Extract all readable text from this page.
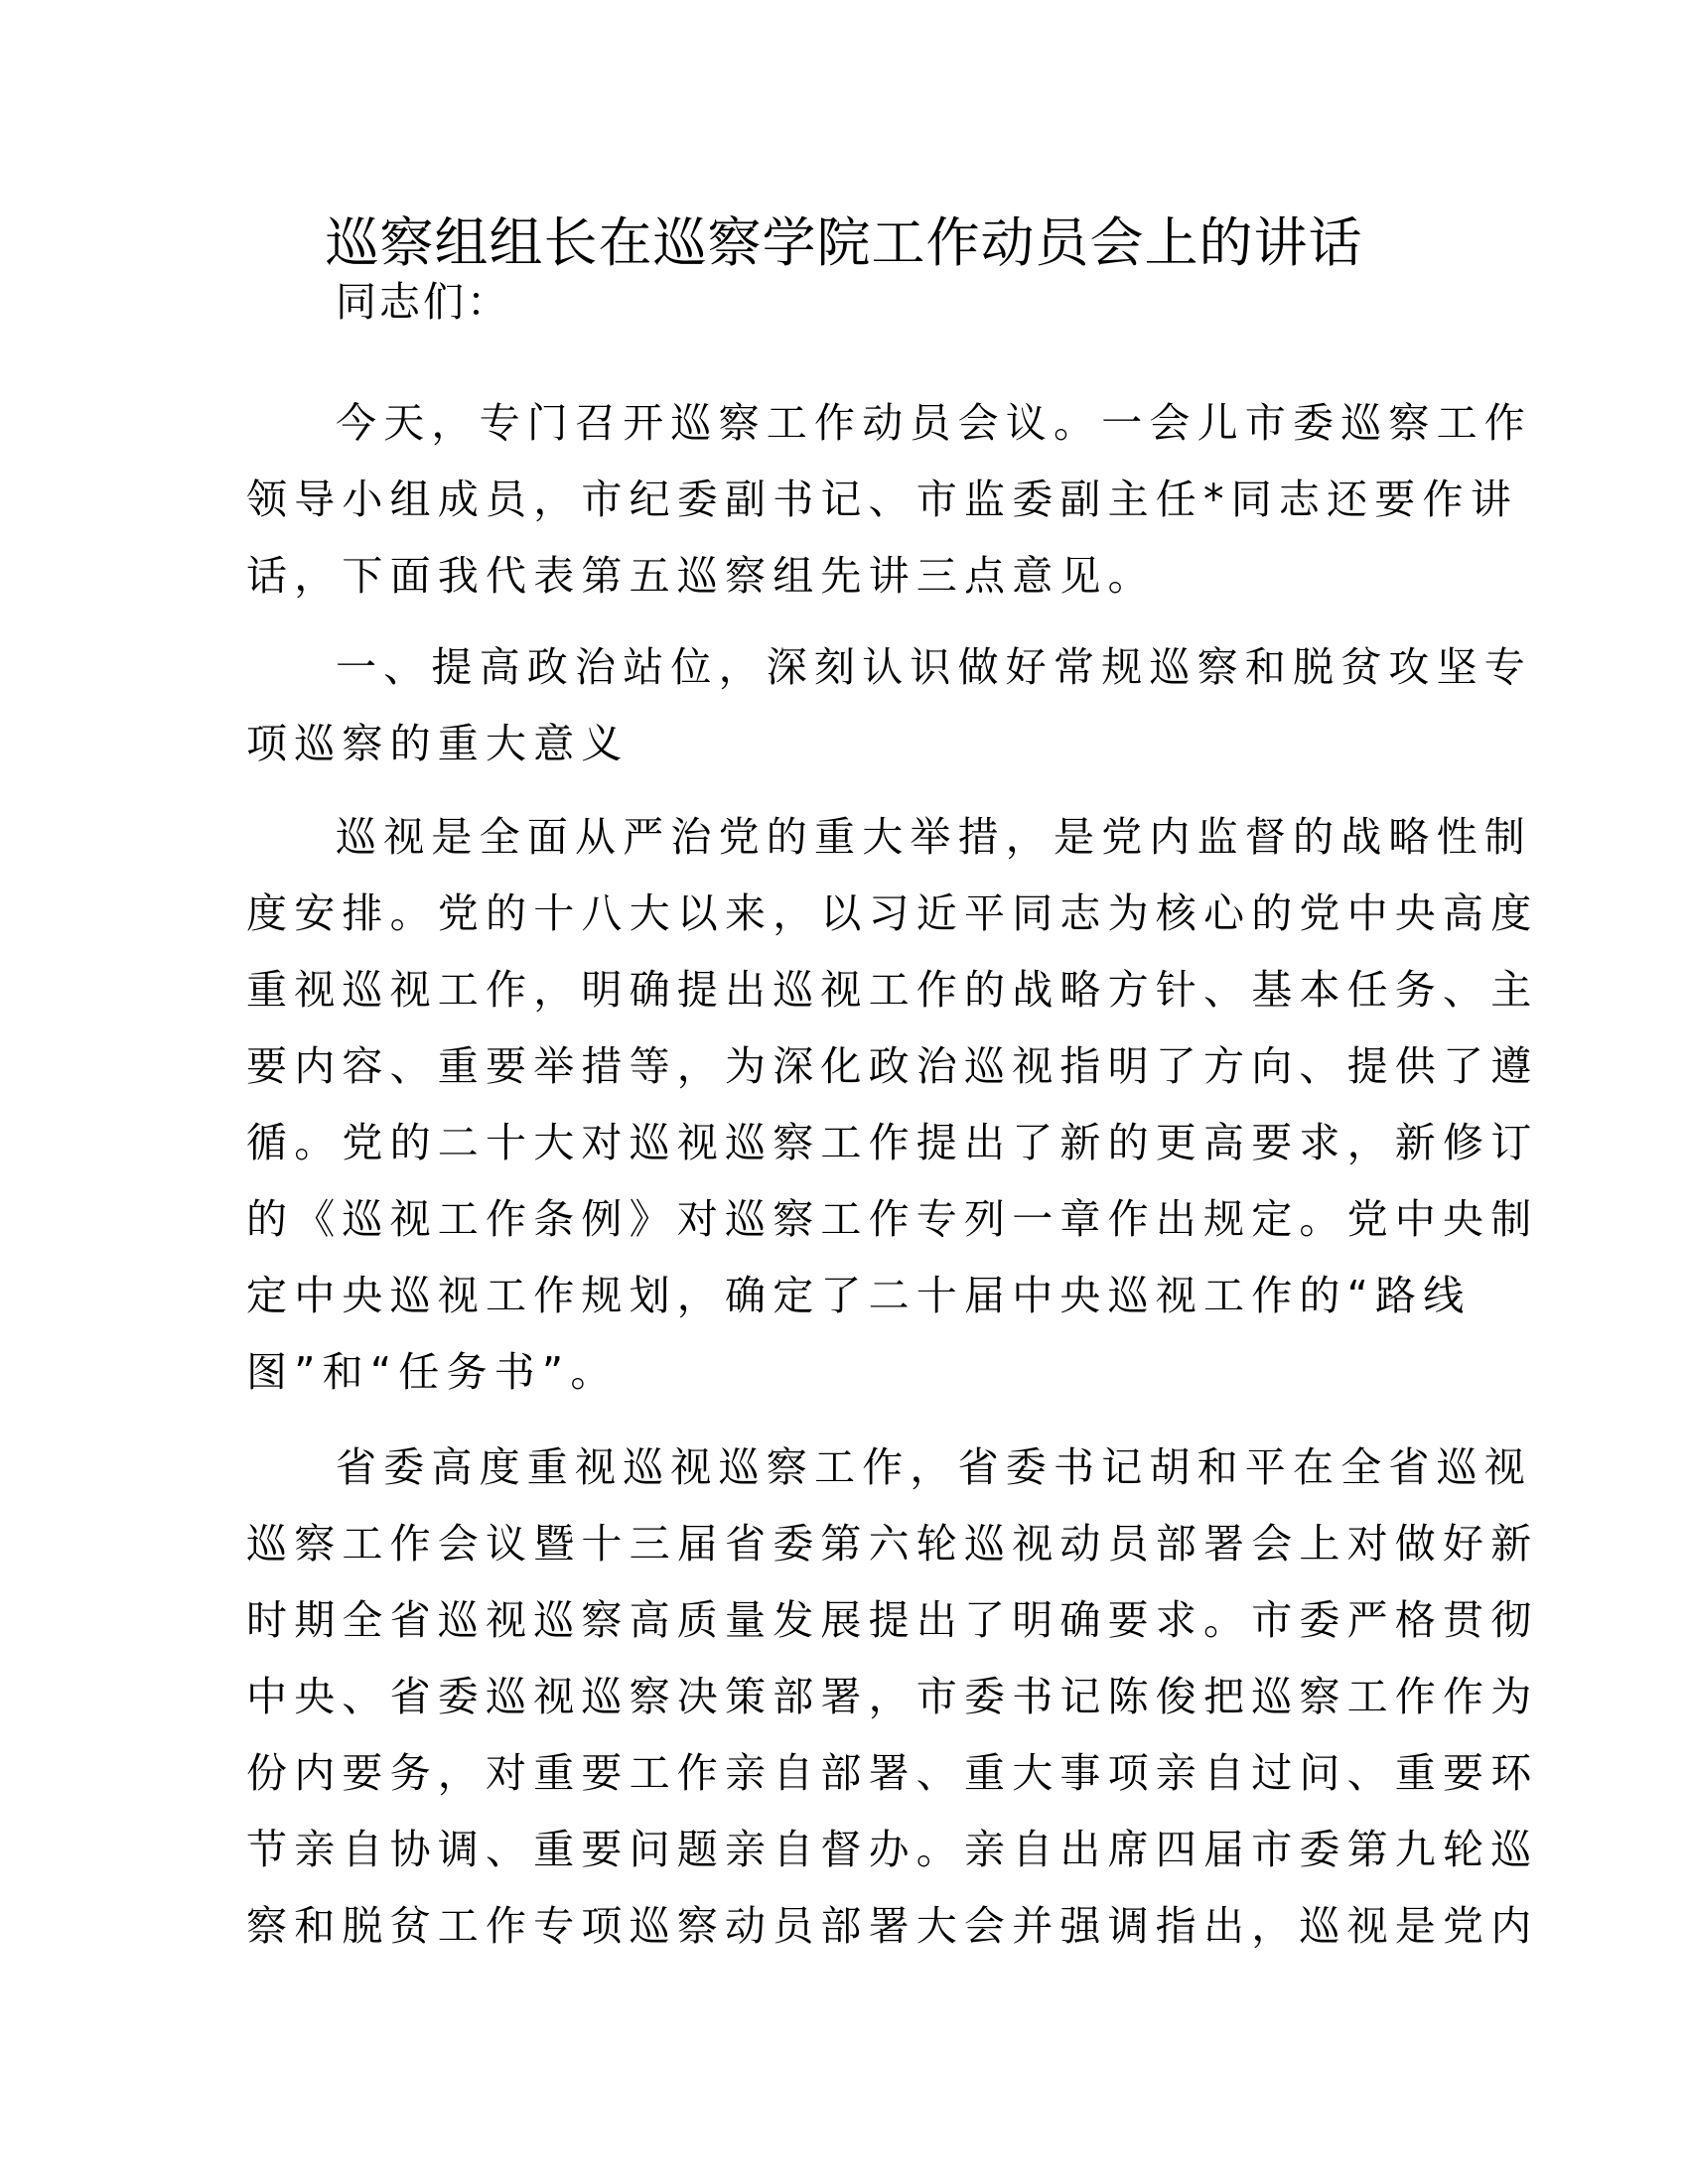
巡察组组长在巡察学院工作动员会上的讲话
同志们：
今天，专门召开巡察工作动员会议。一会儿市委巡察工作
领导小组成员，市纪委副书记、市监委副主任*同志还要作讲
话，下面我代表第五巡察组先讲三点意见。
一、提高政治站位，深刻认识做好常规巡察和脱贫攻坚专
项巡察的重大意义
巡视是全面从严治党的重大举措，是党内监督的战略性制
度安排。党的十八大以来，以习近平同志为核心的党中央高度
重视巡视工作，明确提出巡视工作的战略方针、基本任务、主
要内容、重要举措等，为深化政治巡视指明了方向、提供了遵
循。党的二十大对巡视巡察工作提出了新的更高要求，新修订
的《巡视工作条例》对巡察工作专列一章作出规定。党中央制
定中央巡视工作规划，确定了二十届中央巡视工作的“路线
图”和“任务书”。
省委高度重视巡视巡察工作，省委书记胡和平在全省巡视
巡察工作会议暨十三届省委第六轮巡视动员部署会上对做好新
时期全省巡视巡察高质量发展提出了明确要求。市委严格贯彻
中央、省委巡视巡察决策部署，市委书记陈俊把巡察工作作为
份内要务，对重要工作亲自部署、重大事项亲自过问、重要环
节亲自协调、重要问题亲自督办。亲自出席四届市委第九轮巡
察和脱贫工作专项巡察动员部署大会并强调指出，巡视是党内
